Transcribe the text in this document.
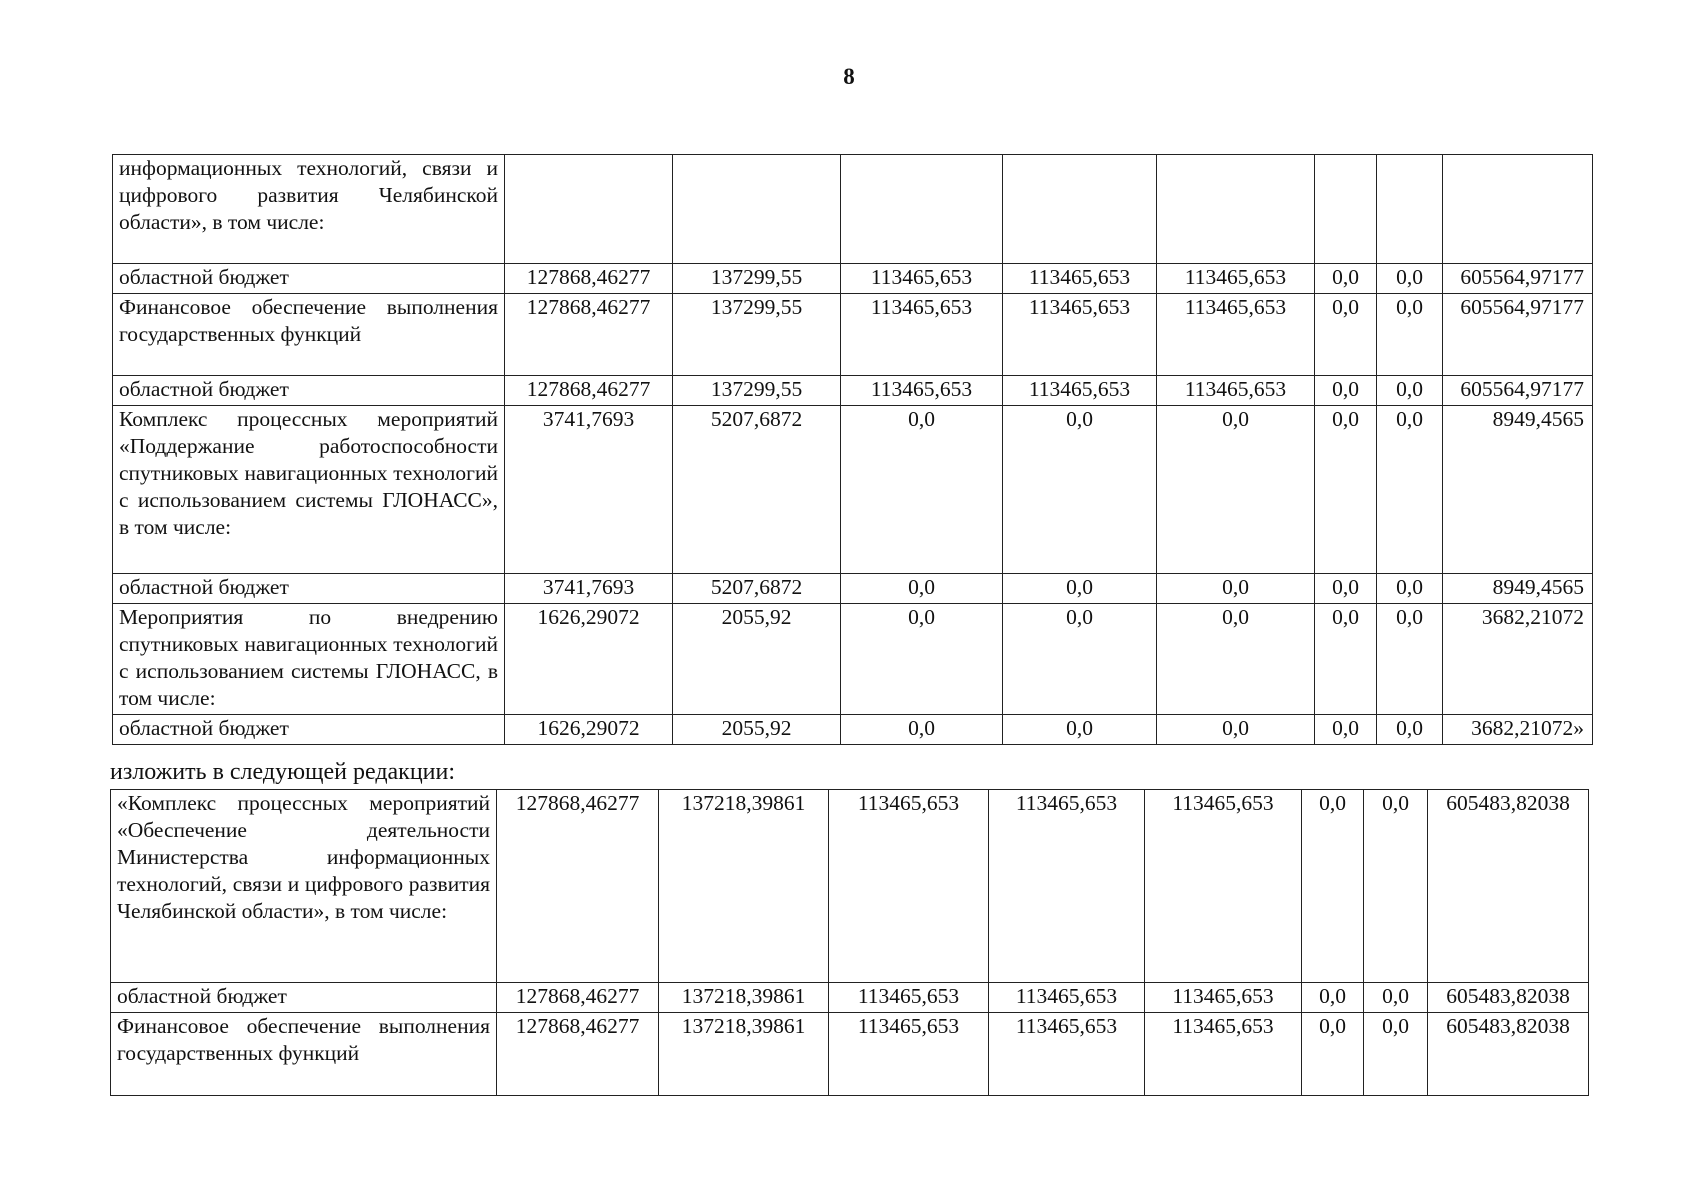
8
информационных технологий, связи и цифрового развития Челябинской области», в том числе:								
областной бюджет	127868,46277	137299,55	113465,653	113465,653	113465,653	0,0	0,0	605564,97177
Финансовое обеспечение выполнения государственных функций	127868,46277	137299,55	113465,653	113465,653	113465,653	0,0	0,0	605564,97177
областной бюджет	127868,46277	137299,55	113465,653	113465,653	113465,653	0,0	0,0	605564,97177
Комплекс процессных мероприятий «Поддержание работоспособности спутниковых навигационных технологий с использованием системы ГЛОНАСС», в том числе:	3741,7693	5207,6872	0,0	0,0	0,0	0,0	0,0	8949,4565
областной бюджет	3741,7693	5207,6872	0,0	0,0	0,0	0,0	0,0	8949,4565
Мероприятия по внедрению спутниковых навигационных технологий с использованием системы ГЛОНАСС, в том числе:	1626,29072	2055,92	0,0	0,0	0,0	0,0	0,0	3682,21072
областной бюджет	1626,29072	2055,92	0,0	0,0	0,0	0,0	0,0	3682,21072»
изложить в следующей редакции:
«Комплекс процессных мероприятий «Обеспечение деятельности Министерства информационных технологий, связи и цифрового развития Челябинской области», в том числе:	127868,46277	137218,39861	113465,653	113465,653	113465,653	0,0	0,0	605483,82038
областной бюджет	127868,46277	137218,39861	113465,653	113465,653	113465,653	0,0	0,0	605483,82038
Финансовое обеспечение выполнения государственных функций	127868,46277	137218,39861	113465,653	113465,653	113465,653	0,0	0,0	605483,82038
